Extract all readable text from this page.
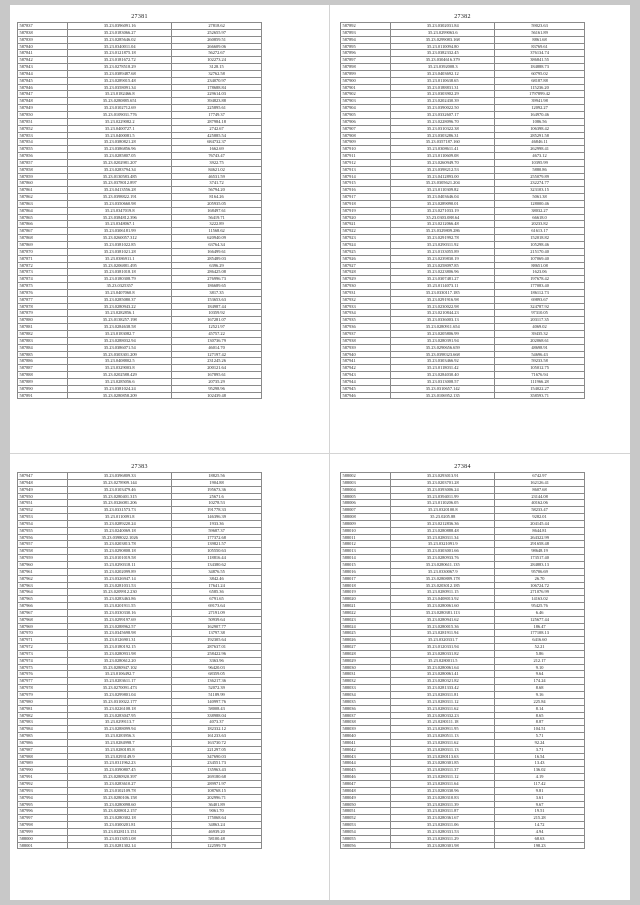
27381
587837	35.23.0396091.16	27818.62
587838	35.23.0183066.27	252655.97
587839	35.23.0285646.02	260859.51
587840	35.23.0340011.04	266609.06
587841	35.23.0121875.18	56272.67
587842	35.23.0181672.72	102273.24
587843	35.23.0278518.29	3128.15
587844	35.23.0389487.68	32762.58
587845	35.23.0289015.48	234070.97
587846	35.23.0358091.34	178688.84
587847	35.23.0182466.8	229614.03
587848	35.23.0280885.651	394823.88
587849	35.23.0102712.69	225895.61
587850	35.23.0109031.776	17749.37
587851	35.23.0229082.2	287984.18
587852	35.23.0400727.1	2742.67
587853	35.23.0400081.5	425885.54
587854	35.23.0380821.28	684732.37
587855	35.23.0386856.96	1662.69
587856	35.23.0285807.05	76743.47
587857	35.23.0202981.207	3922.75
587858	35.23.0283794.34	84621.02
587859	35.23.0130583.485	46531.59
587860	35.23.0378012.897	3741.72
587861	35.23.0413556.28	56794.20
587862	35.23.0398822.191	8164.26
587863	35.23.0350660.98	205935.05
587864	35.23.0347019.8	168497.61
587865	35.23.0384812.396	56419.71
587866	35.23.0348067.1	3222.89
587867	35.23.0306181.99	11568.62
587868	35.23.0260057.312	620940.09
587869	35.23.0381022.85	63764.34
587870	35.23.0381021.28	166499.61
587871	35.23.0386911.1	285489.03
587872	35.23.0206881.495	6396.29
587873	35.23.0381018.18	286425.08
587874	35.23.0180308.79	276996.73
587875	35.23.0325357	186689.65
587876	35.23.0407060.8	3817.35
587877	35.23.0285080.37	153653.63
587878	35.23.0280943.22	184987.44
587879	35.23.0282856.1	10359.92
587880	35.23.0138257.198	167281.07
587881	35.23.0284638.58	12521.97
587882	35.23.0183082.7	45757.22
587883	35.23.0288032.94	130736.79
587884	35.23.0386071.54	46014.70
587885	35.23.0303301.209	127197.42
587886	35.23.0408802.5	231245.26
587887	35.23.0329003.8	200121.64
587888	35.23.0202588.429	167895.61
587889	35.23.0285056.6	20735.29
587890	35.23.0381024.24	95298.96
587891	35.23.0280858.209	102439.48
27382
587892	35.23.0302031.84	59023.63
587893	35.23.0299063.6	56161.89
587894	35.23.0299083.168	8861.68
587895	35.23.0110094.80	83769.61
587896	35.23.0382332.45	376134.74
587897	35.23.0304616.379	386841.55
587898	35.23.0392008.3	184888.73
587899	35.23.0403692.12	60795.02
587900	35.23.0110638.65	68187.88
587901	35.23.0188831.31	115236.20
587902	35.23.0303902.29	1797899.42
587903	35.23.0202430.39	39941.98
587904	35.23.0390022.50	12092.27
587905	35.23.0332607.17	164970.46
587906	35.23.0228096.70	1086.56
587907	35.23.0310322.38	106398.42
587908	35.23.0303286.31	285291.58
587909	35.23.0357187.160	46846.11
587910	35.23.0308611.41	262998.41
587911	35.23.0110609.08	4673.12
587912	35.23.0260949.70	10395.99
587913	35.23.0398212.53	5880.86
587914	35.23.0412893.00	255079.89
587915	35.23.0305621.204	232274.77
587916	35.23.0110309.82	323103.15
587917	35.23.0403646.04	5061.38
587918	35.23.0289090.01	128000.46
587919	35.23.0271033.19	38032.27
587920	35.23.0303.088.64	66618.0
587921	35.23.0212066.48	20233.82
587922	35.23.0329809.286	61613.17
587923	35.23.0291992.78	152018.82
587924	35.23.0290311.92	105298.46
587925	35.23.0133055.89	215170.40
587926	35.23.0239830.19	107069.40
587927	35.23.0258097.85	88651.08
587928	35.23.0223806.96	1623.06
587929	35.23.0307481.27	197678.42
587930	35.23.0114073.11	177083.40
587931	35.23.0330117.185	186112.73
587932	35.23.0291916.98	69893.67
587933	35.23.0230022.98	324787.92
587934	35.23.0210844.23	97310.05
587935	35.23.0336003.13	203117.35
587936	35.23.0280911.654	4069.02
587937	35.23.0205806.99	39435.32
587938	35.23.0280391.94	202068.61
587939	35.23.0290656.659	48698.91
587940	35.23.0398323.668	54696.43
587941	35.23.0303466.92	59233.58
587942	35.23.0118031.42	105012.75
587943	35.23.0284030.40	71676.94
587944	35.23.0313008.57	111966.28
587945	35.23.0310657.142	154022.27
587946	35.23.0106952.135	358593.71
27383
587947	35.23.0396809.33	18825.56
587948	35.23.0278909.144	1904.88
587949	35.23.0103479.46	195673.36
587950	35.23.0280401.315	25671.6
587951	35.23.0326081.206	10278.53
587952	35.23.0331573.73	191778.33
587953	35.23.0110091.8	146396.39
587954	35.23.0289220.24	1933.36
587955	35.23.0240069.18	59687.37
587956	35.23.0398022.1026	177372.68
587957	35.23.0203813.78	139821.57
587958	35.23.0290808.18	105550.63
587959	35.23.0101019.58	118816.44
587960	35.23.0290318.11	134380.62
587961	35.23.0202099.89	34876.55
587962	35.23.0326947.14	3842.46
587963	35.23.0281031.53	17641.24
587964	35.23.0209912.230	6585.36
587965	35.23.0283463.86	6791.65
587966	35.23.0201911.55	69173.64
587967	35.23.0330330.16	27191.09
587968	35.23.0299197.69	50939.64
587969	35.23.0288962.57	162907.77
587970	35.23.0345698.98	13797.38
587971	35.23.0126901.31	192305.64
587972	35.23.0180192.15	287637.01
587973	35.23.0280931.98	258422.96
587974	35.23.0280612.20	3363.96
587975	35.23.0280947.102	96420.03
587976	35.23.0106492.7	68359.05
587977	35.23.0283611.17	136217.36
587978	35.23.0270091.473	52072.39
587979	35.23.0299801.04	51189.99
587980	35.23.0310022.177	140997.76
587981	35.23.0226108.18	58008.43
587982	35.23.0283047.95	338988.04
587983	35.23.0299113.7	4073.37
587984	35.23.0288099.94	182332.12
587985	35.23.0283956.3	161233.63
587986	35.23.0284998.7	163730.72
587987	35.23.0280185.8	221297.05
587988	35.23.0293149.9	347690.03
587989	35.23.0311962.23	234551.73
587990	35.23.0390807.45	135963.43
587991	35.23.0280920.397	269180.68
587992	35.23.0283610.27	289971.97
587993	35.23.0102109.78	108768.15
587994	35.23.0280106.158	202996.71
587995	35.23.0280098.60	36401.89
587996	35.23.0208012.157	9061.70
587997	35.23.0280302.18	175068.64
587998	35.23.0300201.81	34863.24
587999	35.23.0328113.151	46939.20
588000	35.23.0313051.08	58100.48
588001	35.23.0281302.14	122599.70
27384
588002	35.23.0293013.91	6742.97
588003	35.23.0203701.28	162126.41
588004	35.23.0393006.24	8607.68
588005	35.23.0394011.99	23144.08
588006	35.23.0110206.05	40162.06
588007	35.23.0320100.8	58233.47
588008	35.23.0205.88	9282.01
588009	35.23.0212836.36	204145.44
588010	35.23.0280888.48	8644.81
588011	35.23.0280311.34	264322.99
588012	35.23.0321091.9	291658.48
588013	35.23.0303001.66	98648.19
588014	35.23.0280933.76	173517.40
588015	35.23.0280611.135	284883.13
588016	35.23.0330067.9	95706.69
588017	35.23.0280889.178	26.70
588018	35.23.0203012.185	106724.72
588019	35.23.0280911.15	271076.99
588020	35.23.0408013.92	14163.02
588021	35.23.0280061.60	95425.76
588022	35.23.0280381.113	6.46
588023	35.23.0280941.62	125677.44
588024	35.23.0280015.36	186.47
588025	35.23.0281911.94	177108.13
588026	35.23.0320331.7	6416.60
588027	35.23.0120331.94	52.21
588028	35.23.0280331.82	5.86
588029	35.23.0280011.5	212.17
588030	35.23.0280061.64	9.10
588031	35.23.0280061.41	9.64
588032	35.23.0280321.82	174.24
588033	35.23.0281333.42	8.68
588034	35.23.0280311.81	9.16
588035	35.23.0280311.12	225.84
588036	35.23.0280311.62	8.14
588037	35.23.0280332.23	8.65
588038	35.23.0280111.18	8.87
588039	35.23.0280911.95	104.51
588040	35.23.0280511.13	5.71
588041	35.23.0280311.62	92.24
588042	35.23.0280311.13	3.71
588043	35.23.0280113.63	16.54
588044	35.23.0280301.85	13.43
588045	35.23.0280311.37	136.02
588046	35.23.0280311.12	4.19
588047	35.23.0280311.64	117.42
588048	35.23.0280330.96	9.81
588049	35.23.0280310.83	3.61
588050	35.23.0280311.39	9.67
588051	35.23.0280311.87	19.51
588052	35.23.0280361.67	215.28
588053	35.23.0280311.06	14.72
588054	35.23.0280331.53	4.94
588055	35.23.0280311.29	68.63
588056	35.23.0280301.98	198.23
